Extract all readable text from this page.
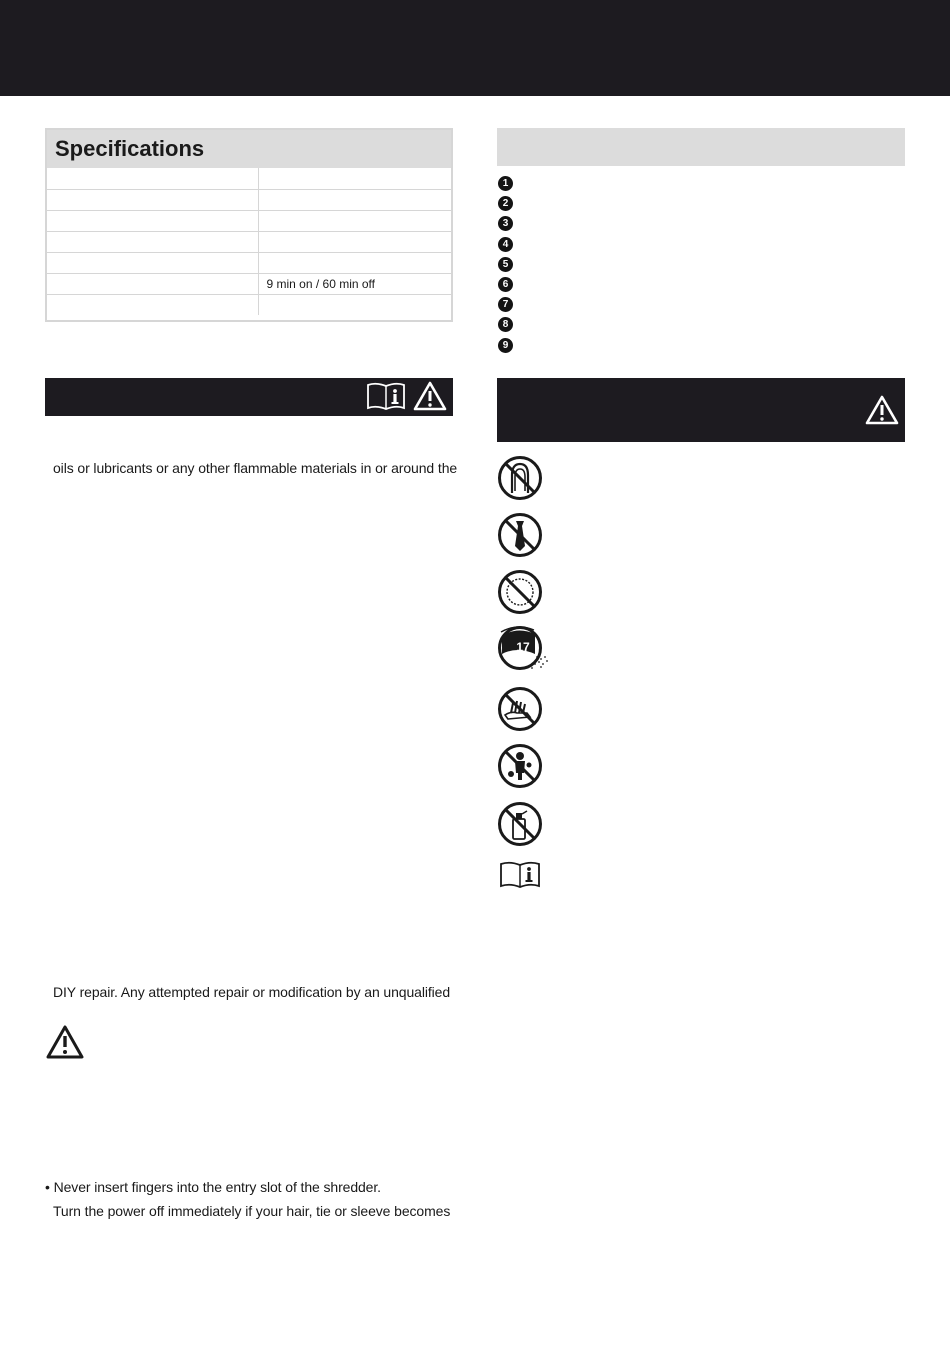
Specifications

	9 min on / 60 min off

1
2
3
4
5
6
7
8
9
oils or lubricants or any other flammable materials in or around the
DIY repair. Any attempted repair or modification by an unqualified
• Never insert fingers into the entry slot of the shredder.
Turn the power off immediately if your hair, tie or sleeve becomes
17
